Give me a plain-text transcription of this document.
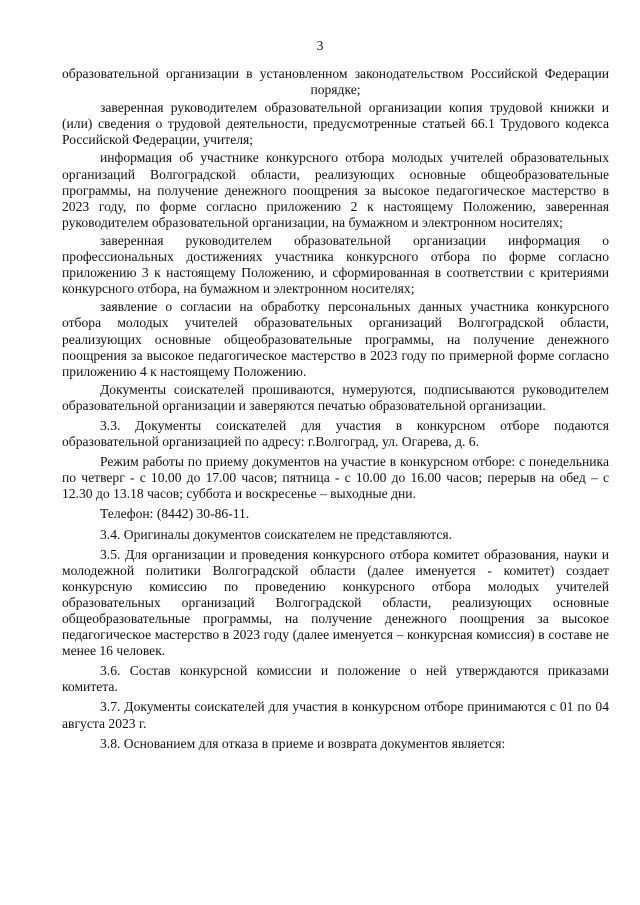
3

образовательной организации в установленном законодательством Российской Федерации порядке;

заверенная руководителем образовательной организации копия трудовой книжки и (или) сведения о трудовой деятельности, предусмотренные статьей 66.1 Трудового кодекса Российской Федерации, учителя;

информация об участнике конкурсного отбора молодых учителей образовательных организаций Волгоградской области, реализующих основные общеобразовательные программы, на получение денежного поощрения за высокое педагогическое мастерство в 2023 году, по форме согласно приложению 2 к настоящему Положению, заверенная руководителем образовательной организации, на бумажном и электронном носителях;

заверенная руководителем образовательной организации информация о профессиональных достижениях участника конкурсного отбора по форме согласно приложению 3 к настоящему Положению, и сформированная в соответствии с критериями конкурсного отбора, на бумажном и электронном носителях;

заявление о согласии на обработку персональных данных участника конкурсного отбора молодых учителей образовательных организаций Волгоградской области, реализующих основные общеобразовательные программы, на получение денежного поощрения за высокое педагогическое мастерство в 2023 году по примерной форме согласно приложению 4 к настоящему Положению.

Документы соискателей прошиваются, нумеруются, подписываются руководителем образовательной организации и заверяются печатью образовательной организации.

3.3. Документы соискателей для участия в конкурсном отборе подаются образовательной организацией по адресу: г.Волгоград, ул. Огарева, д. 6.

Режим работы по приему документов на участие в конкурсном отборе: с понедельника по четверг - с 10.00 до 17.00 часов; пятница - с 10.00 до 16.00 часов; перерыв на обед – с 12.30 до 13.18 часов; суббота и воскресенье – выходные дни.

Телефон: (8442) 30-86-11.

3.4. Оригиналы документов соискателем не представляются.

3.5. Для организации и проведения конкурсного отбора комитет образования, науки и молодежной политики Волгоградской области (далее именуется - комитет) создает конкурсную комиссию по проведению конкурсного отбора молодых учителей образовательных организаций Волгоградской области, реализующих основные общеобразовательные программы, на получение денежного поощрения за высокое педагогическое мастерство в 2023 году (далее именуется – конкурсная комиссия) в составе не менее 16 человек.

3.6. Состав конкурсной комиссии и положение о ней утверждаются приказами комитета.

3.7. Документы соискателей для участия в конкурсном отборе принимаются с 01 по 04 августа 2023 г.

3.8. Основанием для отказа в приеме и возврата документов является:
